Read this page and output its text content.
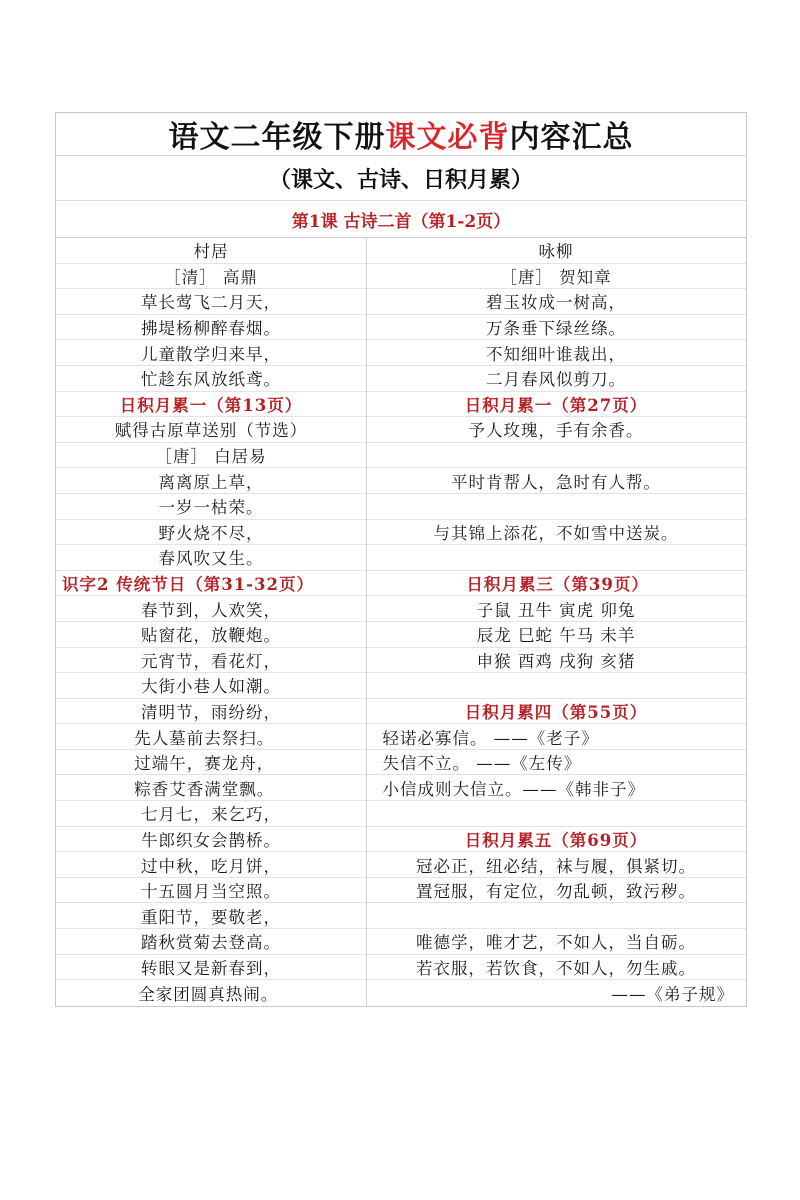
语文二年级下册 课文必背 内容汇总
（课文、古诗、日积月累）
第1课 古诗二首（第1-2页）
村居	咏柳
［清］ 高鼎	［唐］ 贺知章
草长莺飞二月天，	碧玉妆成一树高，
拂堤杨柳醉春烟。	万条垂下绿丝绦。
儿童散学归来早，	不知细叶谁裁出，
忙趁东风放纸鸢。	二月春风似剪刀。
日积月累一（第13页）	日积月累一（第27页）
赋得古原草送别（节选）	予人玫瑰，手有余香。
［唐］ 白居易
离离原上草，	平时肯帮人，急时有人帮。
一岁一枯荣。
野火烧不尽，	与其锦上添花，不如雪中送炭。
春风吹又生。
识字2 传统节日（第31-32页）	日积月累三（第39页）
春节到，人欢笑，	子鼠 丑牛 寅虎 卯兔
贴窗花，放鞭炮。	辰龙 巳蛇 午马 未羊
元宵节，看花灯，	申猴 酉鸡 戌狗 亥猪
大街小巷人如潮。
清明节，雨纷纷，	日积月累四（第55页）
先人墓前去祭扫。	轻诺必寡信。 ——《老子》
过端午，赛龙舟，	失信不立。 ——《左传》
粽香艾香满堂飘。	小信成则大信立。——《韩非子》
七月七，来乞巧，
牛郎织女会鹊桥。	日积月累五（第69页）
过中秋，吃月饼，	冠必正，纽必结，袜与履，俱紧切。
十五圆月当空照。	置冠服，有定位，勿乱顿，致污秽。
重阳节，要敬老，
踏秋赏菊去登高。	唯德学，唯才艺，不如人，当自砺。
转眼又是新春到，	若衣服，若饮食，不如人，勿生戚。
全家团圆真热闹。	——《弟子规》
